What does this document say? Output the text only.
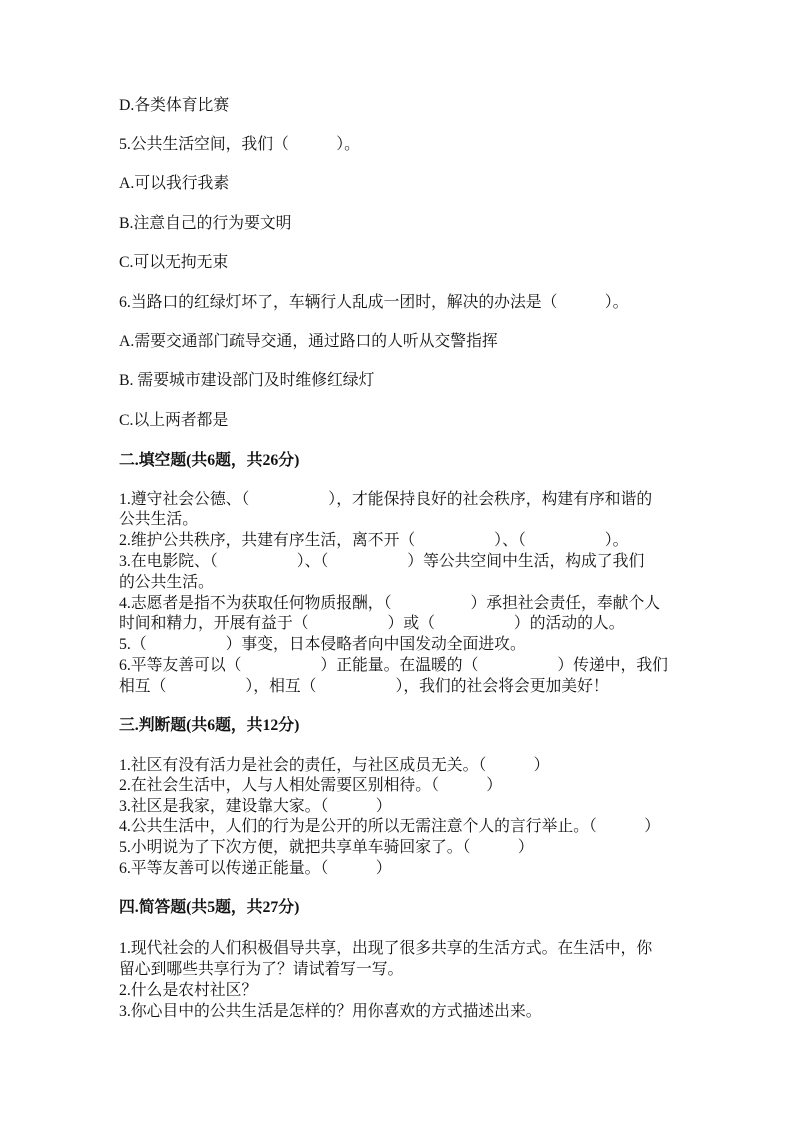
D.各类体育比赛
5.公共生活空间，我们（　　　）。
A.可以我行我素
B.注意自己的行为要文明
C.可以无拘无束
6.当路口的红绿灯坏了，车辆行人乱成一团时，解决的办法是（　　　）。
A.需要交通部门疏导交通，通过路口的人听从交警指挥
B. 需要城市建设部门及时维修红绿灯
C.以上两者都是
二.填空题(共6题，共26分)
1.遵守社会公德、（　　　　　），才能保持良好的社会秩序，构建有序和谐的
公共生活。
2.维护公共秩序，共建有序生活，离不开（　　　　　）、（　　　　　）。
3.在电影院、（　　　　　）、（　　　　　）等公共空间中生活，构成了我们
的公共生活。
4.志愿者是指不为获取任何物质报酬，（　　　　　）承担社会责任，奉献个人
时间和精力，开展有益于（　　　　　）或（　　　　　）的活动的人。
5.（　　　　　）事变，日本侵略者向中国发动全面进攻。
6.平等友善可以（　　　　　）正能量。在温暖的（　　　　　）传递中，我们
相互（　　　　　），相互（　　　　　），我们的社会将会更加美好！
三.判断题(共6题，共12分)
1.社区有没有活力是社会的责任，与社区成员无关。（　　　）
2.在社会生活中，人与人相处需要区别相待。（　　　）
3.社区是我家，建设靠大家。（　　　）
4.公共生活中，人们的行为是公开的所以无需注意个人的言行举止。（　　　）
5.小明说为了下次方便，就把共享单车骑回家了。（　　　）
6.平等友善可以传递正能量。（　　　）
四.简答题(共5题，共27分)
1.现代社会的人们积极倡导共享，出现了很多共享的生活方式。在生活中，你
留心到哪些共享行为了？请试着写一写。
2.什么是农村社区？
3.你心目中的公共生活是怎样的？用你喜欢的方式描述出来。
